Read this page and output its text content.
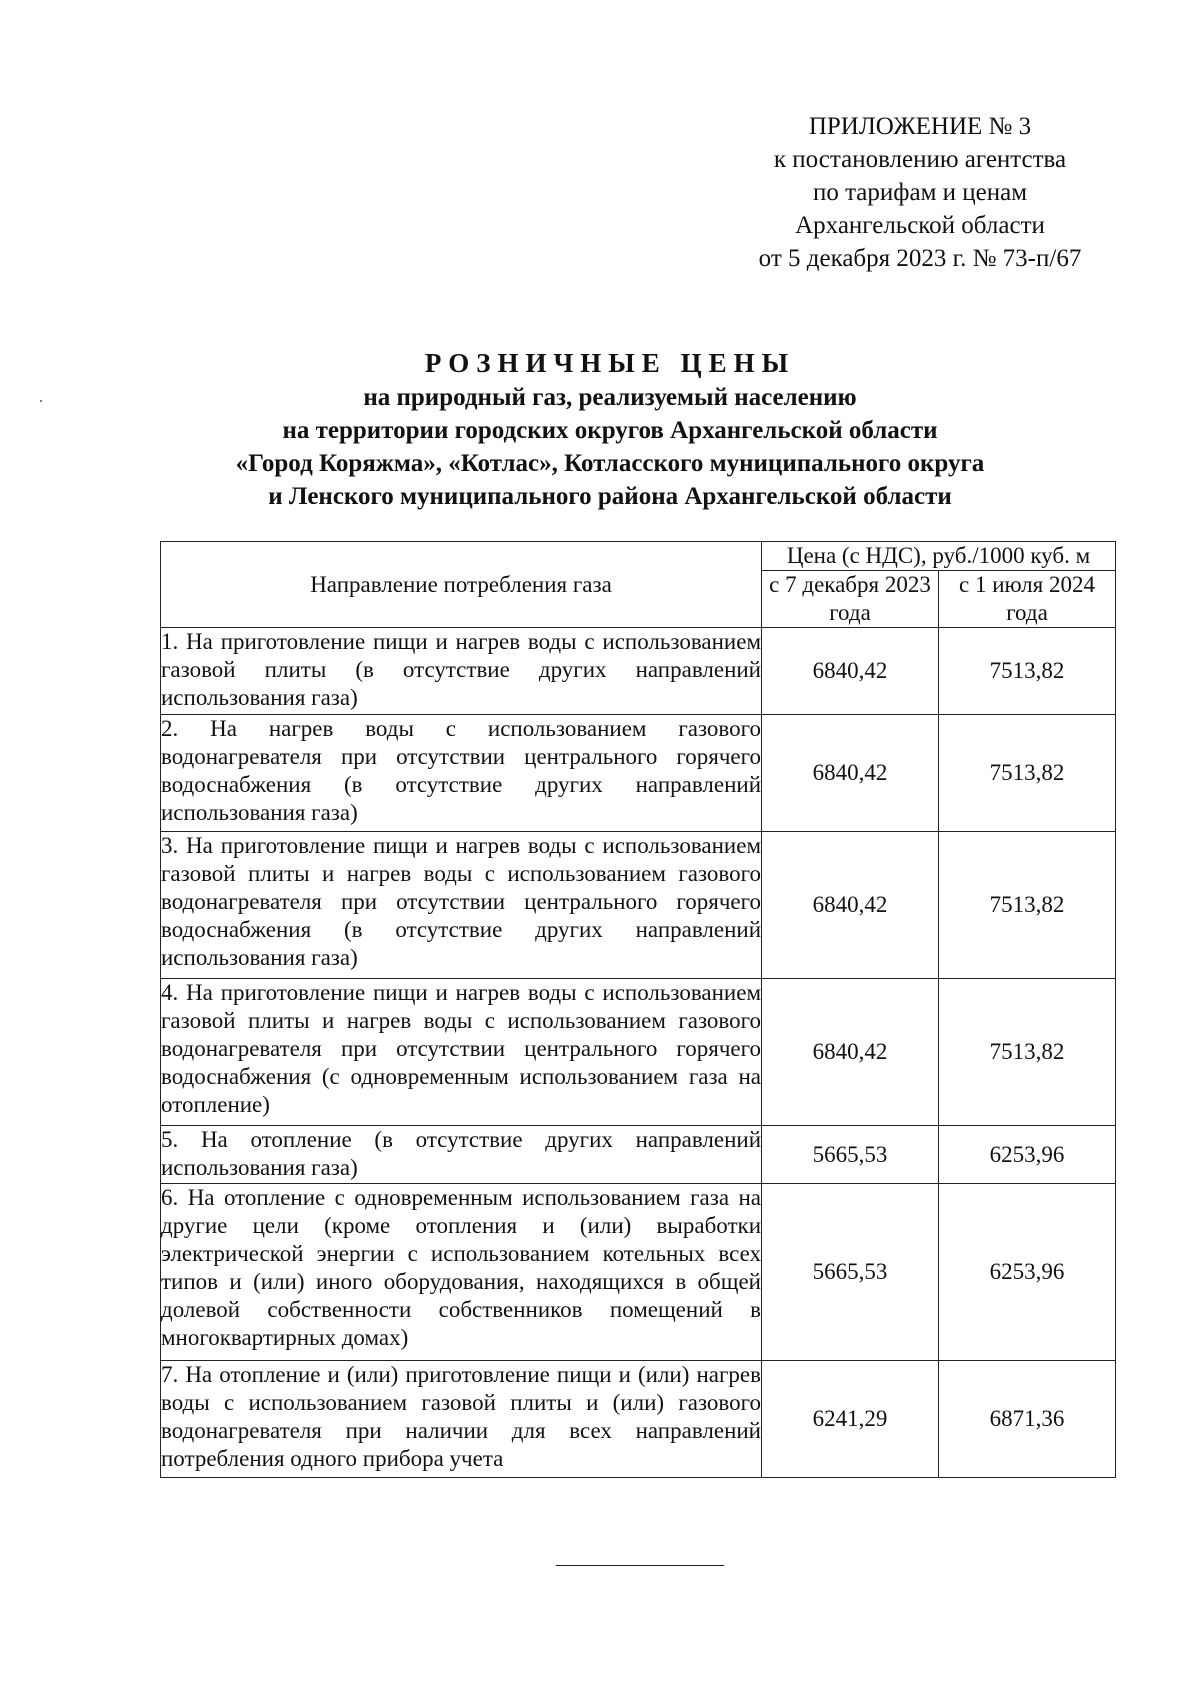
ПРИЛОЖЕНИЕ № 3
к постановлению агентства
по тарифам и ценам
Архангельской области
от 5 декабря 2023 г. № 73-п/67
РОЗНИЧНЫЕ ЦЕНЫ
на природный газ, реализуемый населению
на территории городских округов Архангельской области
«Город Коряжма», «Котлас», Котласского муниципального округа
и Ленского муниципального района Архангельской области
Направление потребления газа	Цена (с НДС), руб./1000 куб. м	
	с 7 декабря 2023 года	с 1 июля 2024 года
1. На приготовление пищи и нагрев воды с использованием газовой плиты (в отсутствие других направлений использования газа)	6840,42	7513,82
2. На нагрев воды с использованием газового водонагревателя при отсутствии центрального горячего водоснабжения (в отсутствие других направлений использования газа)	6840,42	7513,82
3. На приготовление пищи и нагрев воды с использованием газовой плиты и нагрев воды с использованием газового водонагревателя при отсутствии центрального горячего водоснабжения (в отсутствие других направлений использования газа)	6840,42	7513,82
4. На приготовление пищи и нагрев воды с использованием газовой плиты и нагрев воды с использованием газового водонагревателя при отсутствии центрального горячего водоснабжения (с одновременным использованием газа на отопление)	6840,42	7513,82
5. На отопление (в отсутствие других направлений использования газа)	5665,53	6253,96
6. На отопление с одновременным использованием газа на другие цели (кроме отопления и (или) выработки электрической энергии с использованием котельных всех типов и (или) иного оборудования, находящихся в общей долевой собственности собственников помещений в многоквартирных домах)	5665,53	6253,96
7. На отопление и (или) приготовление пищи и (или) нагрев воды с использованием газовой плиты и (или) газового водонагревателя при наличии для всех направлений потребления одного прибора учета	6241,29	6871,36
